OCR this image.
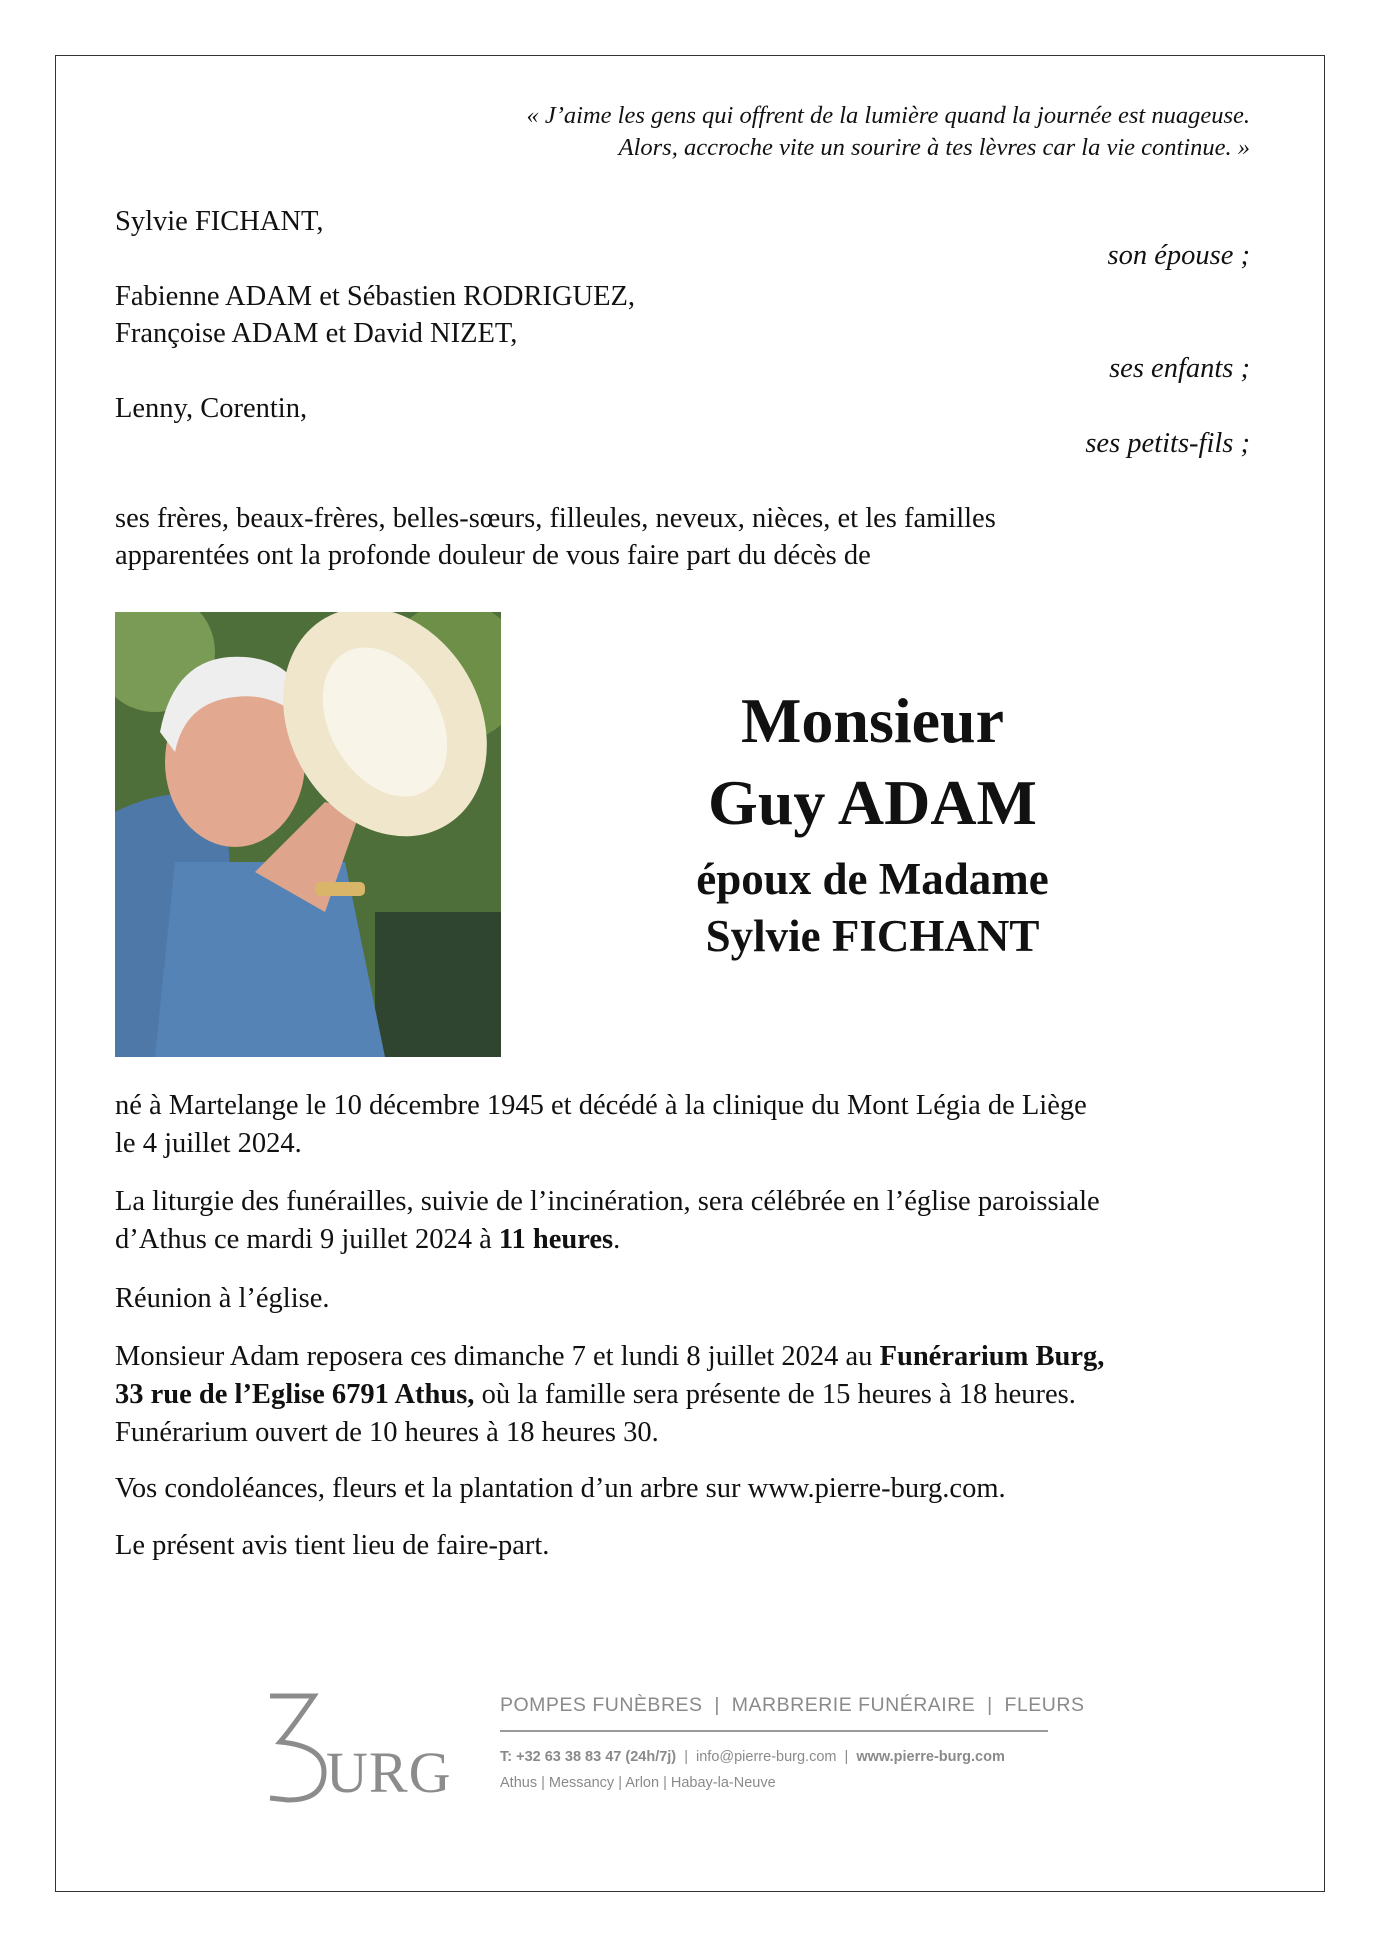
« J’aime les gens qui offrent de la lumière quand la journée est nuageuse.
Alors, accroche vite un sourire à tes lèvres car la vie continue. »
Sylvie FICHANT,
son épouse ;
Fabienne ADAM et Sébastien RODRIGUEZ,
Françoise ADAM et David NIZET,
ses enfants ;
Lenny, Corentin,
ses petits-fils ;
ses frères, beaux-frères, belles-sœurs, filleules, neveux, nièces, et les familles
apparentées ont la profonde douleur de vous faire part du décès de
Monsieur
Guy ADAM
époux de Madame
Sylvie FICHANT
né à Martelange le 10 décembre 1945 et décédé à la clinique du Mont Légia de Liège
le 4 juillet 2024.
La liturgie des funérailles, suivie de l’incinération, sera célébrée en l’église paroissiale
d’Athus ce mardi 9 juillet 2024 à 11 heures.
Réunion à l’église.
Monsieur Adam reposera ces dimanche 7 et lundi 8 juillet 2024 au Funérarium Burg,
33 rue de l’Eglise 6791 Athus, où la famille sera présente de 15 heures à 18 heures.
Funérarium ouvert de 10 heures à 18 heures 30.
Vos condoléances, fleurs et la plantation d’un arbre sur www.pierre-burg.com.
Le présent avis tient lieu de faire-part.
URG
POMPES FUNÈBRES  |  MARBRERIE FUNÉRAIRE  |  FLEURS
T: +32 63 38 83 47 (24h/7j)  |  info@pierre-burg.com  |  www.pierre-burg.com
Athus | Messancy | Arlon | Habay-la-Neuve
